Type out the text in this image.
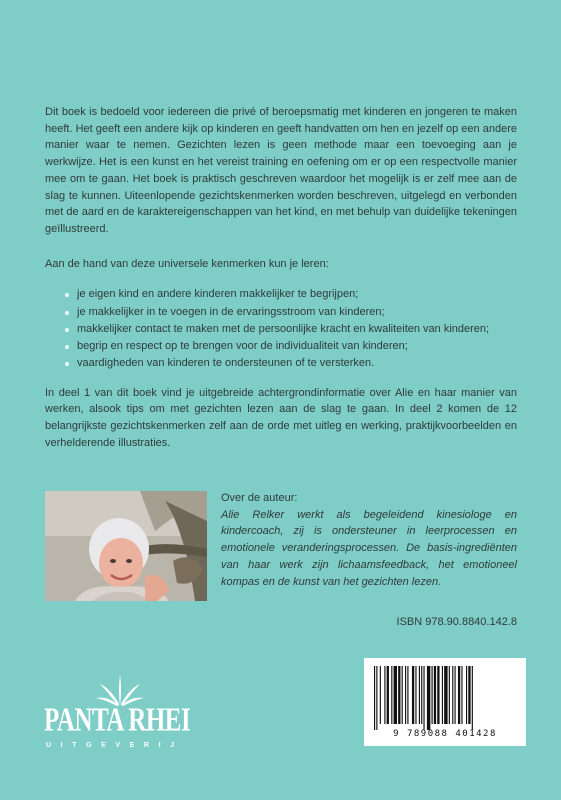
Dit boek is bedoeld voor iedereen die privé of beroepsmatig met kinderen en jongeren te maken heeft. Het geeft een andere kijk op kinderen en geeft handvatten om hen en jezelf op een andere manier waar te nemen. Gezichten lezen is geen methode maar een toevoeging aan je werkwijze. Het is een kunst en het vereist training en oefening om er op een respectvolle manier mee om te gaan. Het boek is praktisch geschreven waardoor het mogelijk is er zelf mee aan de slag te kunnen. Uiteenlopende gezichtskenmerken worden beschreven, uitgelegd en verbonden met de aard en de karaktereigenschappen van het kind, en met behulp van duidelijke tekeningen geïllustreerd.

Aan de hand van deze universele kenmerken kun je leren:

je eigen kind en andere kinderen makkelijker te begrijpen;
je makkelijker in te voegen in de ervaringsstroom van kinderen;
makkelijker contact te maken met de persoonlijke kracht en kwaliteiten van kinderen;
begrip en respect op te brengen voor de individualiteit van kinderen;
vaardigheden van kinderen te ondersteunen of te versterken.

In deel 1 van dit boek vind je uitgebreide achtergrondinformatie over Alie en haar manier van werken, alsook tips om met gezichten lezen aan de slag te gaan. In deel 2 komen de 12 belangrijkste gezichtskenmerken zelf aan de orde met uitleg en werking, praktijkvoorbeelden en verhelderende illustraties.

Over de auteur:

Alie Relker werkt als begeleidend kinesiologe en kindercoach, zij is ondersteuner in leerprocessen en emotionele veranderingsprocessen. De basis-ingrediënten van haar werk zijn lichaamsfeedback, het emotioneel kompas en de kunst van het gezichten lezen.

ISBN 978.90.8840.142.8
PANTA RHEI
UITGEVERIJ
9 789088 401428
